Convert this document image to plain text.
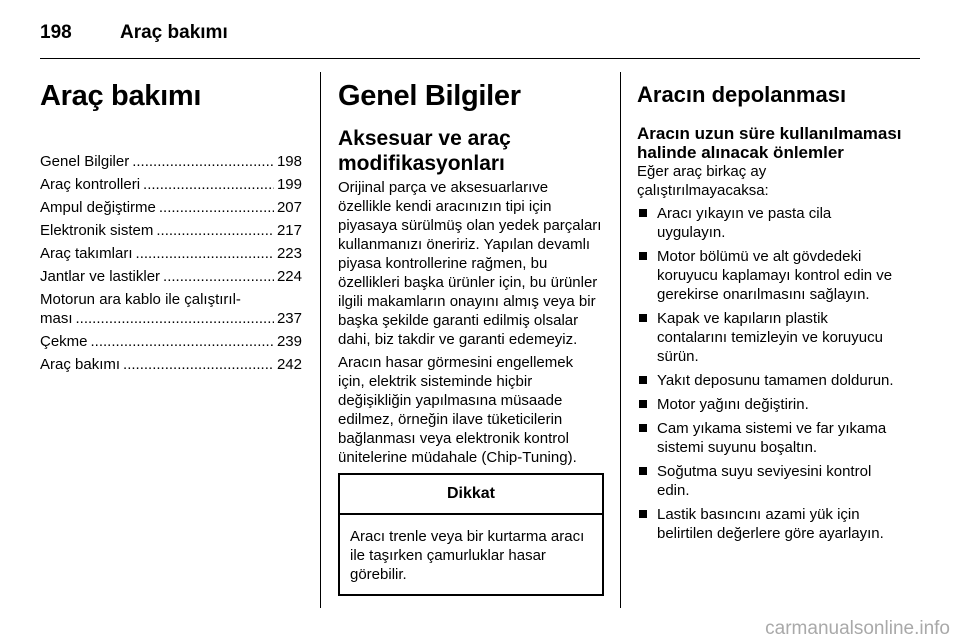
198	Araç bakımı
Araç bakımı
Genel Bilgiler .....	198
Araç kontrolleri .....	199
Ampul değiştirme .....	207
Elektronik sistem .....	217
Araç takımları .....	223
Jantlar ve lastikler .....	224
Motorun ara kablo ile çalıştırıl-
ması .....	237
Çekme .....	239
Araç bakımı .....	242
Genel Bilgiler
Aksesuar ve araç modifikasyonları

Orijinal parça ve aksesuarlarıve özellikle kendi aracınızın tipi için piyasaya sürülmüş olan yedek parçaları kullanmanızı öneririz. Yapılan devamlı piyasa kontrollerine rağmen, bu özellikleri başka ürünler için, bu ürünler ilgili makamların onayını almış veya bir başka şekilde garanti edilmiş olsalar dahi, biz takdir ve garanti edemeyiz.

Aracın hasar görmesini engellemek için, elektrik sisteminde hiçbir değişikliğin yapılmasına müsaade edilmez, örneğin ilave tüketicilerin bağlanması veya elektronik kontrol ünitelerine müdahale (Chip-Tuning).

Dikkat
Aracı trenle veya bir kurtarma aracı ile taşırken çamurluklar hasar görebilir.
Aracın depolanması
Aracın uzun süre kullanılmaması halinde alınacak önlemler

Eğer araç birkaç ay çalıştırılmayacaksa:

Aracı yıkayın ve pasta cila uygulayın.
Motor bölümü ve alt gövdedeki koruyucu kaplamayı kontrol edin ve gerekirse onarılmasını sağlayın.
Kapak ve kapıların plastik contalarını temizleyin ve koruyucu sürün.
Yakıt deposunu tamamen doldurun.
Motor yağını değiştirin.
Cam yıkama sistemi ve far yıkama sistemi suyunu boşaltın.
Soğutma suyu seviyesini kontrol edin.
Lastik basıncını azami yük için belirtilen değerlere göre ayarlayın.
carmanualsonline.info
